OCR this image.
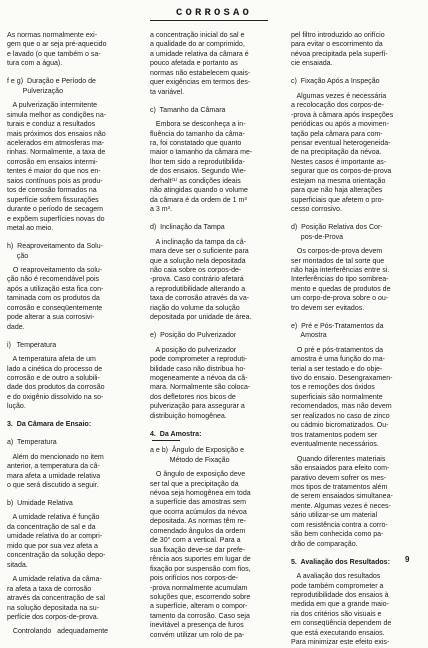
CORROSAO

As normas normalmente exi-

gem que o ar seja pré-aquecido

e lavado (o que também o sa-

tura com a água).

f e g)  Duração e Período de

Pulverização

A pulverização intermitente

simula melhor as condições na-

turais e conduz a resultados

mais próximos dos ensaios não

acelerados em atmosferas ma-

rinhas. Normalmente, a taxa de

corrosão em ensaios intermi-

tentes é maior do que nos en-

saios contínuos pois as produ-

tos de corrosão formados na

superfície sofrem fissurações

durante o período de secagem

e expõem superfícies novas do

metal ao meio.

h)  Reaproveitamento da Solu-

ção

O reaproveitamento da solu-

ção não é recomendável pois

após a utilização esta fica con-

taminada com os produtos da

corrosão e conseqüentemente

pode alterar a sua corrosivi-

dade.

i)   Temperatura

A temperatura afeta de um

lado a cinética do processo de

corrosão e de outro a solubili-

dade dos produtos da corrosão

e do oxigênio dissolvido na so-

lução.

3.  Da Câmara de Ensaio:

a)  Temperatura

Além do mencionado no item

anterior, a temperatura da câ-

mara afeta a umidade relativa

o que será discutido a seguir.

b)  Umidade Relativa

A umidade relativa é função

da concentração de sal e da

umidade relativa do ar compri-

mido que por sua vez afeta a

concentração da solução depo-

sitada.

A umidade relativa da câma-

ra afeta a taxa de corrosão

através da concentração de sal

na solução depositada na su-

perfície dos corpos-de-prova.

Controlando   adequadamente

a concentração inicial do sal e

a qualidade do ar comprimido,

a umidade relativa da câmara é

pouco afetada e portanto as

normas não estabelecem quais-

quer exigências em termos des-

ta variável.

c)  Tamanho da Câmara

Embora se desconheça a in-

fluência do tamanho da câma-

ra, foi constatado que quanto

maior o tamanho da câmara me-

lhor tem sido a reprodutibilida-

de dos ensaios. Segundo Wie-

derhalt⁽¹⁾ as condições ideais

não atingidas quando o volume

da câmara é da ordem de 1 m³

a 3 m³.

d)  Inclinação da Tampa

A inclinação da tampa da câ-

mara deve ser o suficiente para

que a solução nela depositada

não caia sobre os corpos-de-

-prova. Caso contrário afetará

a reprodutibilidade alterando a

taxa de corrosão através da va-

riação do volume da solução

depositada por unidade de área.

e)  Posição do Pulverizador

A posição do pulverizador

pode comprometer a reproduti-

bilidade caso não distribua ho-

mogeneamente a névoa da câ-

mara. Normalmente são coloca-

dos defletores nos bicos de

pulverização para assegurar a

distribuição homogênea.

4.  Da Amostra:

a e b)  Ângulo de Exposição e

Método de Fixação

O ângulo de exposição deve

ser tal que a precipitação da

névoa seja homogênea em toda

a superfície das amostras sem

que ocorra acúmulos da névoa

depositada. As normas têm re-

comendado ângulos da ordem

de 30° com a vertical. Para a

sua fixação deve-se dar prefe-

rência aos suportes em lugar de

fixação por suspensão com fios,

pois orifícios nos corpos-de-

-prova normalmente acumulam

soluções que, escorrendo sobre

a superfície, alteram o compor-

tamento da corrosão. Caso seja

inevitável a presença de furos

convém utilizar um rolo de pa-

pel filtro introduzido ao orifício

para evitar o escorrimento da

névoa precipitada pela superfí-

cie ensaiada.

c)  Fixação Após a Inspeção

Algumas vezes é necessária

a recolocação dos corpos-de-

-prova à câmara após inspeções

periódicas ou após a movimen-

tação pela câmara para com-

pensar eventual heterogeneida-

de na precipitação da névoa.

Nestes casos é importante as-

segurar que os corpos-de-prova

estejam na mesma orientação

para que não haja alterações

superficiais que afetem o pro-

cesso corrosivo.

d)  Posição Relativa dos Cor-

pos-de-Prova

Os corpos-de-prova devem

ser montados de tal sorte que

não haja interferências entre si.

Interferências do tipo sombrea-

mento e quedas de produtos de

um corpo-de-prova sobre o ou-

tro devem ser evitados.

e)  Pré e Pós-Tratamentos da

Amostra

O pré e pós-tratamentos da

amostra é uma função do ma-

terial a ser testado e do obje-

tivo do ensaio. Desengraxamen-

tos e remoções dos óxidos

superficiais são normalmente

recomendados, mas não devem

ser realizados no caso de zinco

ou cádmio bicromatizados. Ou-

tros tratamentos podem ser

eventualmente necessários.

Quando diferentes materiais

são ensaiados para efeito com-

parativo devem sofrer os mes-

mos tipos de tratamentos além

de serem ensaiados simultanea-

mente. Algumas vezes é neces-

sário utilizar-se um material

com resistência contra a corro-

são bem conhecida como pa-

drão de comparação.

5.  Avaliação dos Resultados:

A avaliação dos resultados

pode também comprometer a

reprodutibilidade dos ensaios à

medida em que a grande maio-

ria dos critérios são visuais e

em conseqüência dependem de

que está executando ensaios.

Para minimizar este efeito exis-

9
